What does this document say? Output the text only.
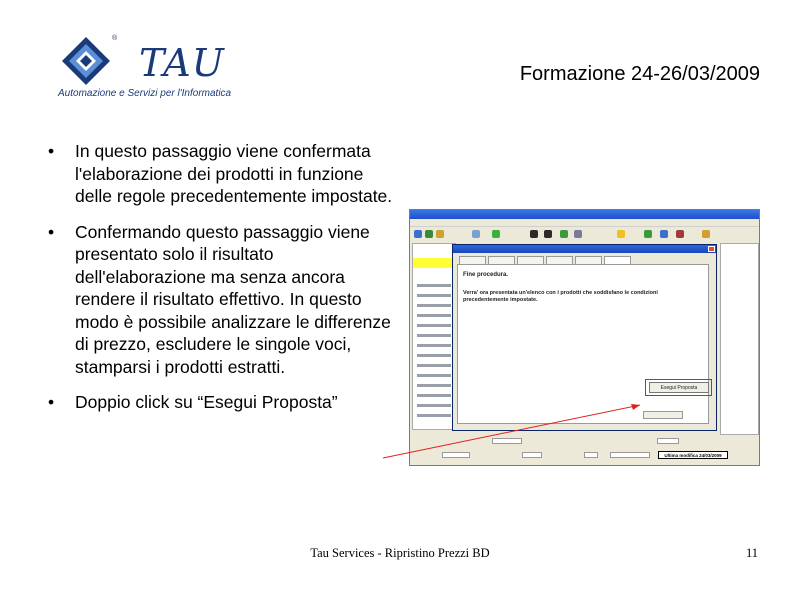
®
TAU
Automazione e Servizi per l'Informatica
Formazione 24-26/03/2009
• In questo passaggio viene confermata l'elaborazione dei prodotti in funzione delle regole precedentemente impostate.
• Confermando questo passaggio viene presentato solo il risultato dell'elaborazione ma senza ancora rendere il risultato effettivo. In questo modo è possibile analizzare le differenze di prezzo, escludere le singole voci, stamparsi i prodotti estratti.
• Doppio click su “Esegui Proposta”
Fine procedura.
Verra' ora presentata un'elenco con i prodotti che soddisfano le condizioni precedentemente impostate.
Esegui Proposta
Ultima modifica 24/03/2009
Tau Services - Ripristino Prezzi BD	11
